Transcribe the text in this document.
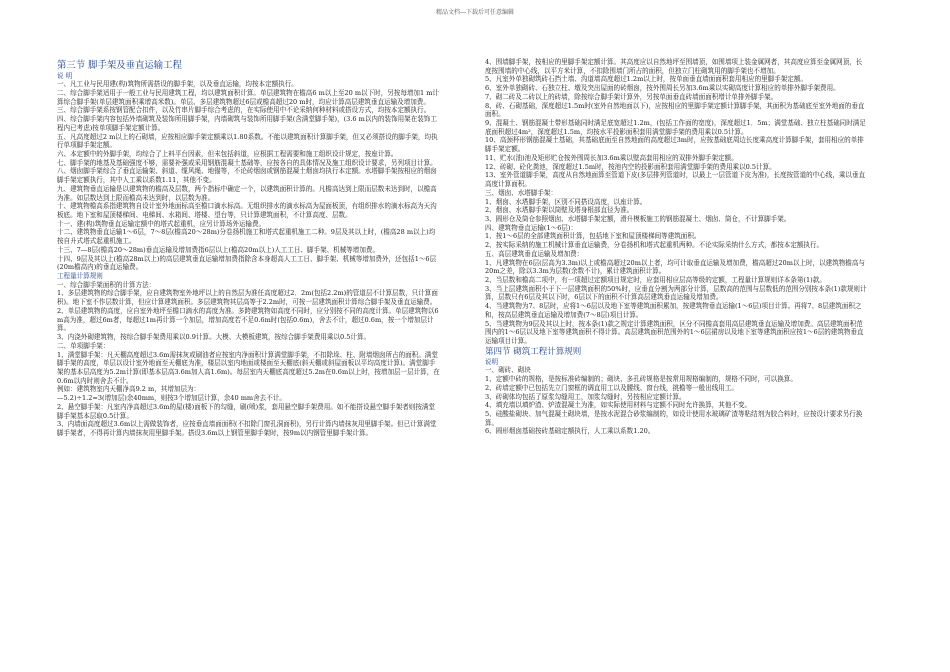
精品文档---下载后可任意编辑

第三节 脚手架及垂直运输工程

说 明

一、凡工业与民用建(构)筑物所需搭设的脚手架，以及垂直运输，均按本定额执行。

二、综合脚手架适用于一般工业与民用建筑工程，均以建筑面积计算。单层建筑物在檐高6 m以上至20 m以下时，另按每增加1 m计算综合脚手架(单层建筑面积乘增高米数)。单层、多层建筑物超过6层或檐高超过20 m时，均应计算高层建筑垂直运输及增加费。

三、综合脚手架系按钢管配合扣件，以及竹串片脚手综合考虑的，在实际使用中不论采纳何种材料或搭设方式，均按本定额执行。

四、综合脚手架内容包括外墙砌筑及装饰所用脚手架，内墙砌筑与装饰所用脚手架(含满堂脚手架)，(3.6 m以内的装饰用架在装饰工程内已考虑)按单项脚手架定额计算。

五、凡高度超过2 m以上的石砌墙，应按相应脚手架定额乘以1.80系数。不能以建筑面积计算脚手架，但又必须搭设的脚手架，均执行单项脚手架定额。

六、本定额中的外脚手架，均综合了上料平台因素，但未包括斜道，应根据工程需要和施工组织设计规定，按座计算。

七、脚手架的地基及基础强度不够，需要补强或采用钢筋混凝土基础等，应按各自的具体情况及施工组织设计要求，另列项目计算。

八、烟囱脚手架综合了垂直运输架、斜道、缆风绳、地锚等，不论砖烟囱或钢筋混凝土烟囱均执行本定额。水塔脚手架按相应的烟囱脚手架定额执行，其中人工乘以系数1.11，其他不变。

九、建筑物垂直运输是以建筑物的檐高及层数，两个指标中确定一个，以建筑面积计算的。凡檐高达到上限而层数未达到时，以檐高为准。如层数达到上限而檐高未达到时，以层数为准。

十、建筑物檐高系指建筑物自设计室外地面标高至檐口滴水标高。无组织排水的滴水标高为屋面板顶，有组织排水的滴水标高为天沟板底。地下室和屋顶楼梯间、电梯间、水箱间、塔楼、望台等，只计算建筑面积，不计算高度、层数。

十一、建(构)筑物垂直运输定额中的塔式起重机，应另计算场外运输费。

十二、建筑物垂直运输1～6层，7～8层(檐高20～28m)分卷扬机施工和塔式起重机施工二种。9层及其以上时，(檐高28 m以上)均按自升式塔式起重机施工。

十三、7—8层(檐高20～28m)垂直运输及增加费指6层以上(檐高20m以上)人工工日、脚手架、机械等增加费。

十四、9层及其以上(檐高28m以上)的高层建筑垂直运输增加费指除含本身超高人工工日、脚手架、机械等增加费外，还包括1～6层(20m檐高内)的垂直运输费。

工程量计算规则

一、综合脚手架面积的计算方法：

1、多层建筑物的综合脚手架，应自建筑物室外地坪以上的自然层为准任高度超过2．2m(包括2.2m)的管道层不计算层数，只计算面积)。地下室不作层数计算，但应计算建筑面积。多层建筑物其层高等于2.2m时，可按一层建筑面积计算综合脚手架及垂直运输费。

2、单层建筑物的高度，应自室外地坪至檐口滴水的高度为准。多跨建筑物如高度不同时，应分别按不同的高度计算。单层建筑物以6m高为准，超过6m者，每超过1m再计算一个加层，增加高度若不足0.6m时(包括0.6m)，舍去不计，超过0.6m，按一个增加层计算。

3、内浇外砌建筑物，按综合脚手架费用乘以0.9计算。大模、大模板建筑，按综合脚手架费用乘以0.5计算。

二、单项脚手架：

1、满堂脚手架：凡天棚高度超过3.6m需抹灰或刷油者应按室内净面积计算满堂脚手架，不扣除垛、柱、附墙烟囱所占的面积。满堂脚手架的高度，单层以设计室外地面至天棚底为准，楼层以室内地面或楼面至天棚底(斜天棚或斜屋面板以平均高度计算)。满堂脚手架的基本层高度为5.2m计算(即基本层高3.6m加人高1.6m)。每层室内天棚底高度超过5.2m在0.6m以上时，按增加层一层计算，在0.6m以内时则舍去不计。

例如：建筑物室内天棚净高9.2 m，其增加层为：

—5.2)÷1.2=3(增加层)余40mm，则按3个增加层计算，余40 mm舍去不计。

2、悬空脚手架：凡室内净高超过3.6m的屋(楼)面板下的勾缝，刷(喷)浆，套用悬空脚手架费用。如不能搭设悬空脚手架者则按满堂脚手架基本层取0.5计算。

3、内墙面高度超过3.6m以上需做装饰者，应按垂直墙面面积(不扣除门窗孔洞面积)，另行计算内墙抹灰用里脚手架。但已计算满堂脚手架者，不得再计算内墙抹灰用里脚手架。搭设3.6m以上钢管里脚手架时，按9m以内钢管里脚手架计算。

4、围墙脚手架，按相应的里脚手架定额计算。其高度应以自然地坪至围墙顶，如围墙项上装金属网者，其高度应算至金属网顶，长度按围墙的中心线，以平方米计算，不扣除围墙门所占的面积，但独立门柱砌筑用的脚手架也不增加。

5、凡室外单独砌筑砖石挡土墙、沟道墙高度超过1.2m以上时，按单面垂直墙面面积套用相应的里脚手架定额。

6、室外单独砌砖、石独立柱、墩及突出屋面的砖烟囱，按外围周长另加3.6m乘以实砌高度计算相应的单排外脚手架费用。

7、砌二砖及二砖以上的砖墙，除按综合脚手架计算外，另按单面垂直砖墙面面积增计单排外脚手架。

8、砖、石砌基础，深度超过1.5m时(室外自然地面以下)，应按相应的里脚手架定额计算脚手架，其面积为基础底至室外地面的垂直面积。

9、混凝土、钢筋混凝土带形基础同时满足底宽超过1.2m，(包括工作面的宽度)，深度超过1．5m；满堂基础、独立柱基础同时满足底面积超过4m²，深度超过1.5m，均按水平投影面积套用满堂脚手架的费用乘以0.5计算。

10、高颈杯形钢筋混凝土基础，其基础底面至自然地面的高度超过3m时，应按基础底周边长度乘高度计算脚手架，套用相应的单排脚手架定额。

11、贮水(油)池及矩形贮仓按外围周长加3.6m乘以壁高套用相应的双排外脚手架定额。

12、砖砌、砼化粪池，深度超过1.5m时，按池内空的投影面积套用满堂脚手架的费用乘以0.5计算。

13、室外管道脚手架，高度从自然地面算至管道下皮(多层排列管道时，以最上一层管道下皮为准)，长度按管道的中心线，乘以垂直高度计算面积。

三、烟囱、水塔脚手架：

1、烟囱、水塔脚手架，区别不同搭设高度，以座计算。

2、烟囱、水塔脚手架以筒壁及塔身根部直径为准。

3、圆形仓及筒仓参照烟囱、水塔脚手架定额，滑升模板施工的钢筋混凝土、烟囱、筒仓，不计算脚手架。

四、建筑物垂直运输(1～6层)：

1、按1～6层的全部建筑面积计算，包括地下室和屋顶楼梯间等建筑面积。

2、按实际采纳的施工机械计算垂直运输费，分卷扬机和塔式起重机两种。不论实际采纳什么方式，都按本定额执行。

五、高层建筑垂直运输及增加费：

1、凡建筑物在6层(层高为3.3m)以上或檐高超过20m以上者，均可计取垂直运输及增加费，檐高超过20m以上时，以建筑物檐高与20m之差，除以3.3m为层数(余数不计)，累计建筑面积计算。

2、当层数和檐高二项中，有一项超过定额项目规定时，应套用相应层高等级的定额，工程量计算规则详本条第(1)款。

3、当上层建筑面积小于下一层建筑面积的50%时，应垂直分割为两部分计算，层数高的范围与层数低的范围分别按本条(1)款规则计算，层数只有6层及其以下时，6层以下的面积不计算高层建筑垂直运输及增加费。

4、当建筑物为7、8层时，应将1～6层以及地下室等建筑面积累加，按建筑物垂直运输(1～6层)项目计算。再将7、8层建筑面积之和，按高层建筑垂直运输及增加费(7～8层)项目计算。

5、当建筑物为9层及其以上时，按本条(1)款之规定计算建筑面积，区分不同檐高套用高层建筑垂直运输及增加费。高层建筑面积范围内的1～6层以及地下室等建筑面积不得计算。高层建筑面积范围外的1～6层裙房以及地下室等建筑面积应按1～6层的建筑物垂直运输项目计算。

第四节 砌筑工程计算规则

说明

一、砌砖、砌块

1、定额中砖的规格，是按标准砖编制的；砌块、多孔砖规格是按常用规格编制的，规格不同时，可以换算。

2、砖墙定额中已包括先立门窗框的调直用工以及腰线、窗台线，挑檐等一般出线用工。

3、砖砌体均包括了原浆勾缝用工，加浆勾缝时，另按相应定额计算。

4、填充墙以填炉渣、炉渣混凝土为准，如实际使用材料与定额不同时允许换算，其他不变。

5、硅酸盐砌块、加气混凝土砌块墙，是按水泥混合砂浆编制的，如设计使用水玻璃矿渣等粘结剂为胶合料时，应按设计要求另行换算。

6、圆形烟囱基础按砖基础定额执行，人工乘以系数1.20。
